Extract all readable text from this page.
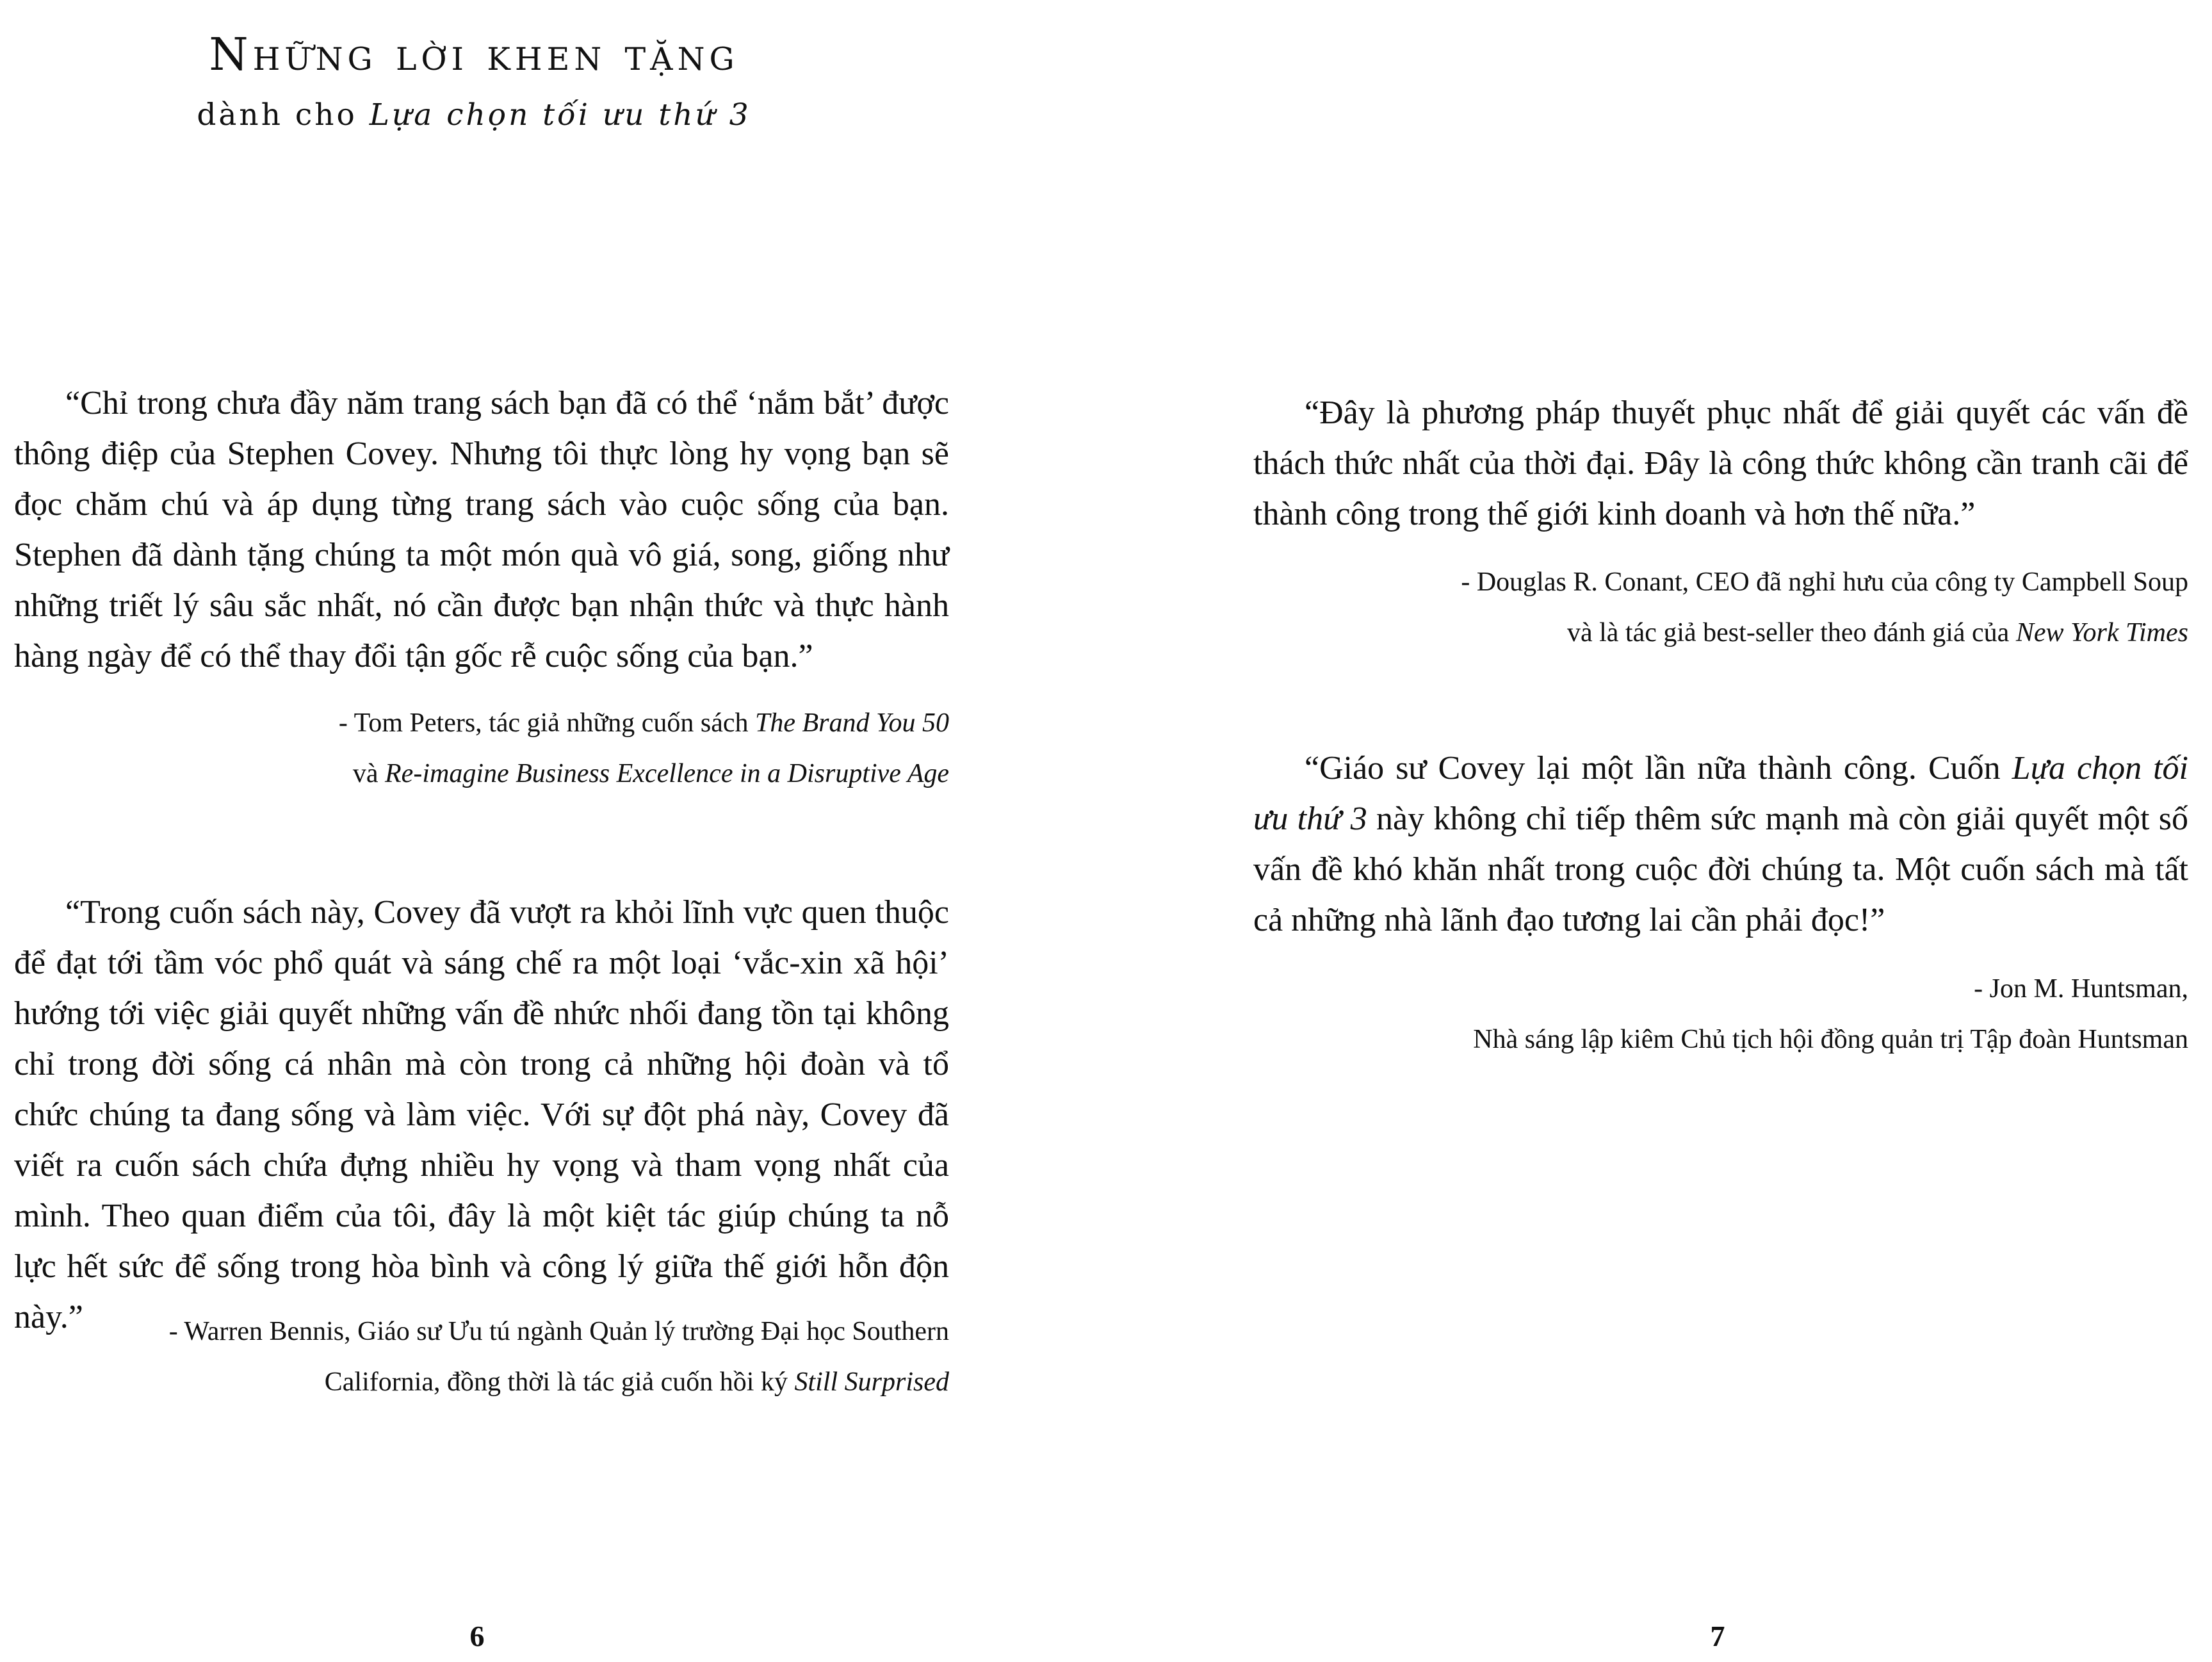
Những lời khen tặng

dành cho Lựa chọn tối ưu thứ 3

“Chỉ trong chưa đầy năm trang sách bạn đã có thể ‘nắm bắt’ được thông điệp của Stephen Covey. Nhưng tôi thực lòng hy vọng bạn sẽ đọc chăm chú và áp dụng từng trang sách vào cuộc sống của bạn. Stephen đã dành tặng chúng ta một món quà vô giá, song, giống như những triết lý sâu sắc nhất, nó cần được bạn nhận thức và thực hành hàng ngày để có thể thay đổi tận gốc rễ cuộc sống của bạn.”

- Tom Peters, tác giả những cuốn sách The Brand You 50
và Re-imagine Business Excellence in a Disruptive Age

“Trong cuốn sách này, Covey đã vượt ra khỏi lĩnh vực quen thuộc để đạt tới tầm vóc phổ quát và sáng chế ra một loại ‘vắc-xin xã hội’ hướng tới việc giải quyết những vấn đề nhức nhối đang tồn tại không chỉ trong đời sống cá nhân mà còn trong cả những hội đoàn và tổ chức chúng ta đang sống và làm việc. Với sự đột phá này, Covey đã viết ra cuốn sách chứa đựng nhiều hy vọng và tham vọng nhất của mình. Theo quan điểm của tôi, đây là một kiệt tác giúp chúng ta nỗ lực hết sức để sống trong hòa bình và công lý giữa thế giới hỗn độn này.”	- Warren Bennis, Giáo sư Ưu tú ngành Quản lý trường Đại học Southern
California, đồng thời là tác giả cuốn hồi ký Still Surprised
6

“Đây là phương pháp thuyết phục nhất để giải quyết các vấn đề thách thức nhất của thời đại. Đây là công thức không cần tranh cãi để thành công trong thế giới kinh doanh và hơn thế nữa.”

- Douglas R. Conant, CEO đã nghỉ hưu của công ty Campbell Soup
và là tác giả best-seller theo đánh giá của New York Times

“Giáo sư Covey lại một lần nữa thành công. Cuốn Lựa chọn tối ưu thứ 3 này không chỉ tiếp thêm sức mạnh mà còn giải quyết một số vấn đề khó khăn nhất trong cuộc đời chúng ta. Một cuốn sách mà tất cả những nhà lãnh đạo tương lai cần phải đọc!”

- Jon M. Huntsman,
Nhà sáng lập kiêm Chủ tịch hội đồng quản trị Tập đoàn Huntsman
7
